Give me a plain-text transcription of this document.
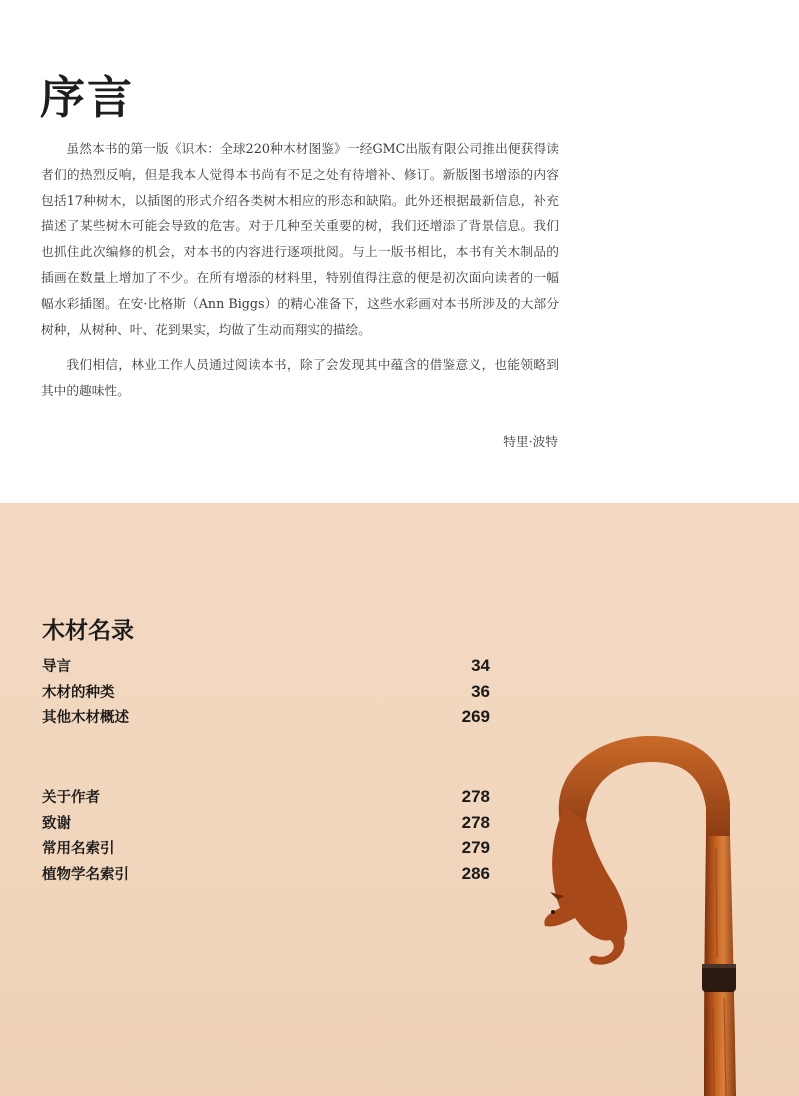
序言

虽然本书的第一版《识木：全球220种木材图鉴》一经GMC出版有限公司推出便获得读者们的热烈反响，但是我本人觉得本书尚有不足之处有待增补、修订。新版图书增添的内容包括17种树木，以插图的形式介绍各类树木相应的形态和缺陷。此外还根据最新信息，补充描述了某些树木可能会导致的危害。对于几种至关重要的树，我们还增添了背景信息。我们也抓住此次编修的机会，对本书的内容进行逐项批阅。与上一版书相比，本书有关木制品的插画在数量上增加了不少。在所有增添的材料里，特别值得注意的便是初次面向读者的一幅幅水彩插图。在安·比格斯（Ann Biggs）的精心准备下，这些水彩画对本书所涉及的大部分树种，从树种、叶、花到果实，均做了生动而翔实的描绘。

我们相信，林业工作人员通过阅读本书，除了会发现其中蕴含的借鉴意义，也能领略到其中的趣味性。

特里·波特
木材名录
导言	34
木材的种类	36
其他木材概述	269
关于作者	278
致谢	278
常用名索引	279
植物学名索引	286
